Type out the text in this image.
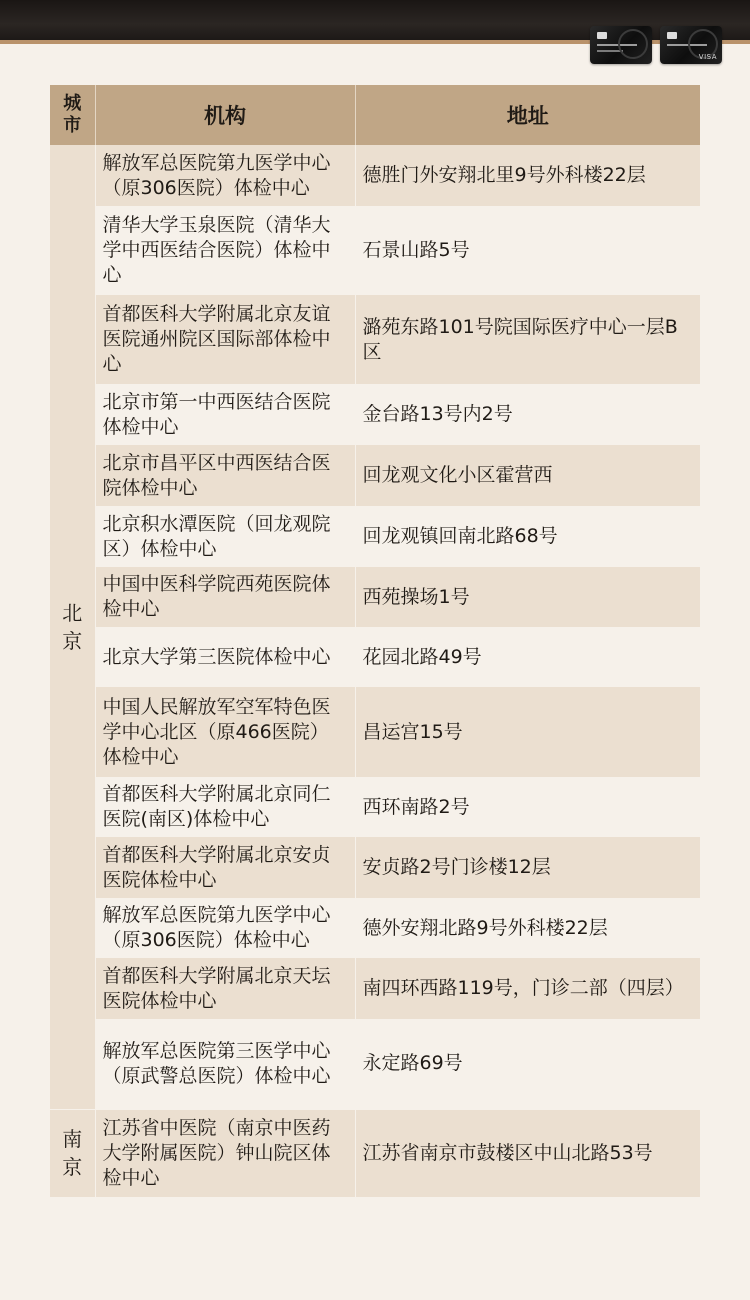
VISA
城市	机构	地址
北京	解放军总医院第九医学中心（原306医院）体检中心	德胜门外安翔北里9号外科楼22层
	清华大学玉泉医院（清华大学中西医结合医院）体检中心	石景山路5号
	首都医科大学附属北京友谊医院通州院区国际部体检中心	潞苑东路101号院国际医疗中心一层B区
	北京市第一中西医结合医院体检中心	金台路13号内2号
	北京市昌平区中西医结合医院体检中心	回龙观文化小区霍营西
	北京积水潭医院（回龙观院区）体检中心	回龙观镇回南北路68号
	中国中医科学院西苑医院体检中心	西苑操场1号
	北京大学第三医院体检中心	花园北路49号
	中国人民解放军空军特色医学中心北区（原466医院）体检中心	昌运宫15号
	首都医科大学附属北京同仁医院(南区)体检中心	西环南路2号
	首都医科大学附属北京安贞医院体检中心	安贞路2号门诊楼12层
	解放军总医院第九医学中心（原306医院）体检中心	德外安翔北路9号外科楼22层
	首都医科大学附属北京天坛医院体检中心	南四环西路119号，门诊二部（四层）
	解放军总医院第三医学中心（原武警总医院）体检中心	永定路69号
南京	江苏省中医院（南京中医药大学附属医院）钟山院区体检中心	江苏省南京市鼓楼区中山北路53号
